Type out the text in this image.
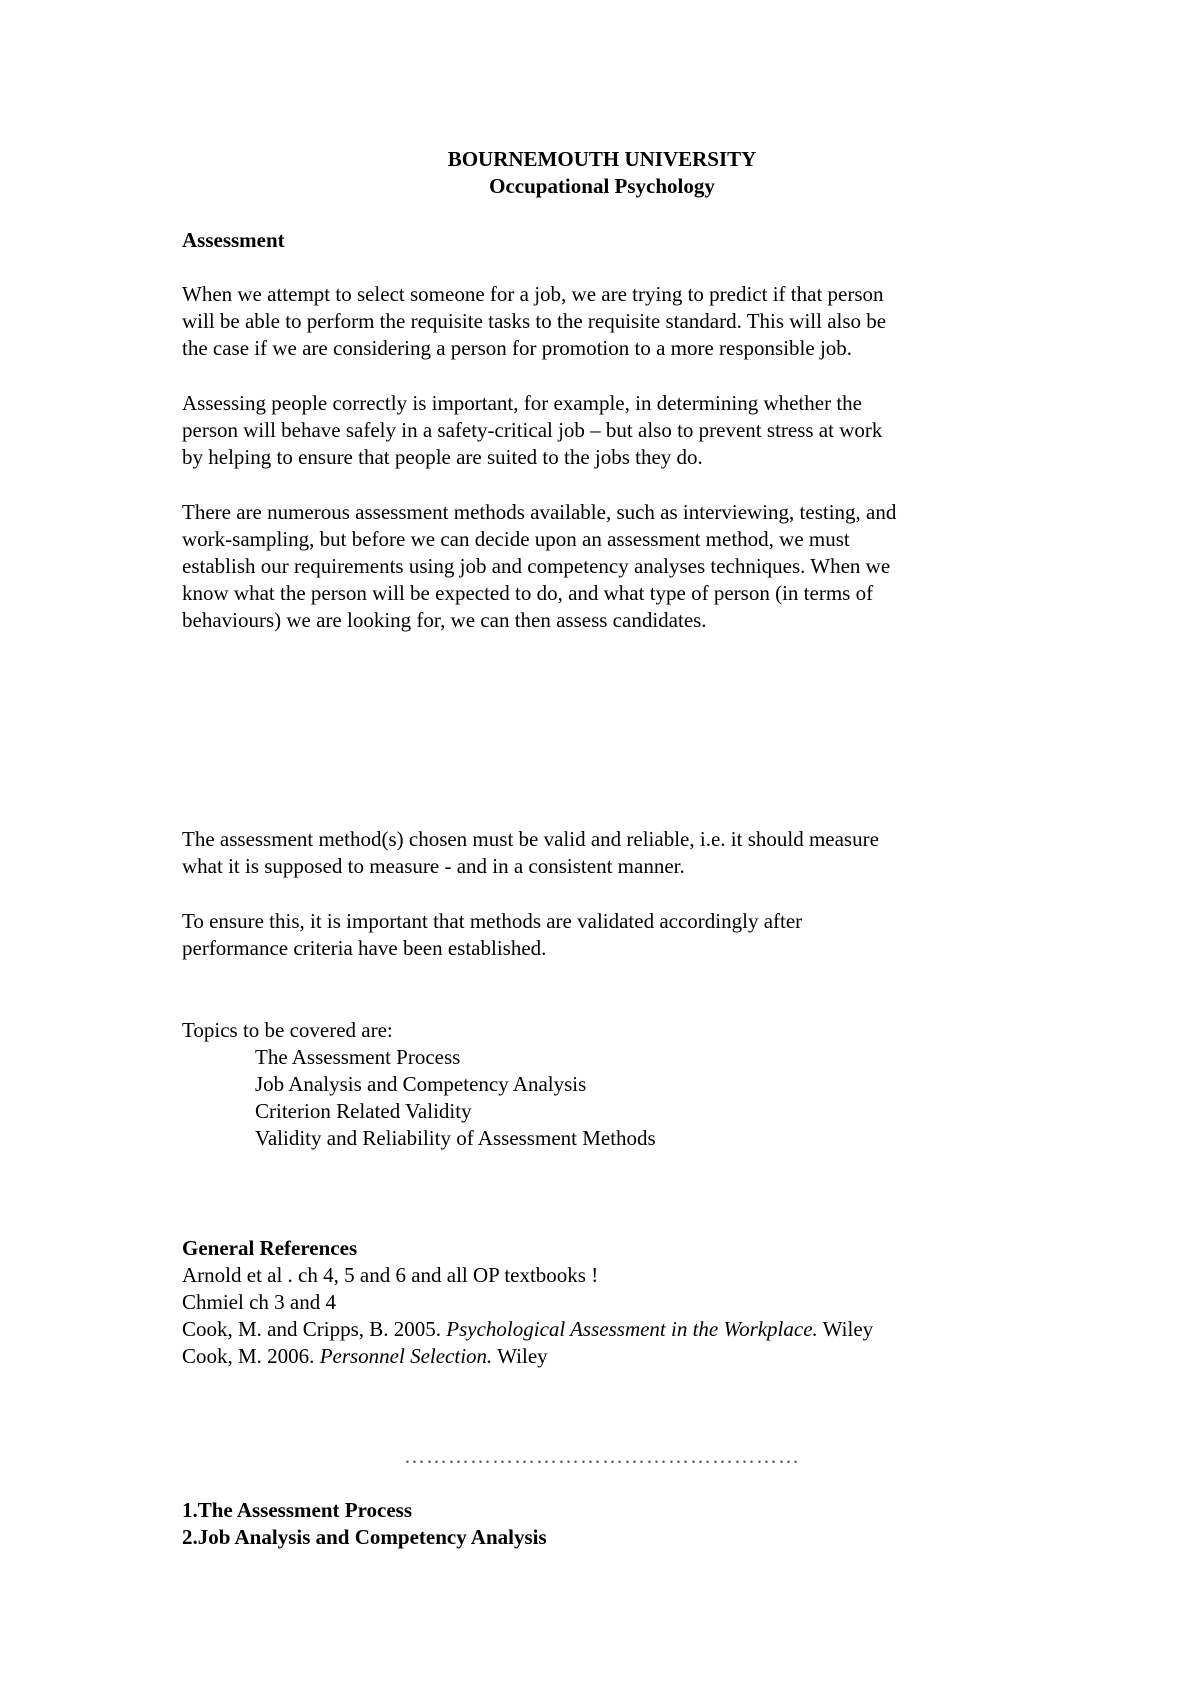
BOURNEMOUTH UNIVERSITY
Occupational Psychology
Assessment
When we attempt to select someone for a job, we are trying to predict if that person
will be able to perform the requisite tasks to the requisite standard. This will also be
the case if we are considering a person for promotion to a more responsible job.
Assessing people correctly is important, for example, in determining whether the
person will behave safely in a safety-critical job – but also to prevent stress at work
by helping to ensure that people are suited to the jobs they do.
There are numerous assessment methods available, such as interviewing, testing, and
work-sampling, but before we can decide upon an assessment method, we must
establish our requirements using job and competency analyses techniques. When we
know what the person will be expected to do, and what type of person (in terms of
behaviours) we are looking for, we can then assess candidates.
The assessment method(s) chosen must be valid and reliable, i.e. it should measure
what it is supposed to measure - and in a consistent manner.
To ensure this, it is important that methods are validated accordingly after
performance criteria have been established.
Topics to be covered are:
The Assessment Process
Job Analysis and Competency Analysis
Criterion Related Validity
Validity and Reliability of Assessment Methods
General References
Arnold et al . ch 4, 5 and 6 and all OP textbooks !
Chmiel ch 3 and 4
Cook, M. and Cripps, B. 2005. Psychological Assessment in the Workplace. Wiley
Cook, M. 2006. Personnel Selection. Wiley
………………………………………………
1.The Assessment Process
2.Job Analysis and Competency Analysis
